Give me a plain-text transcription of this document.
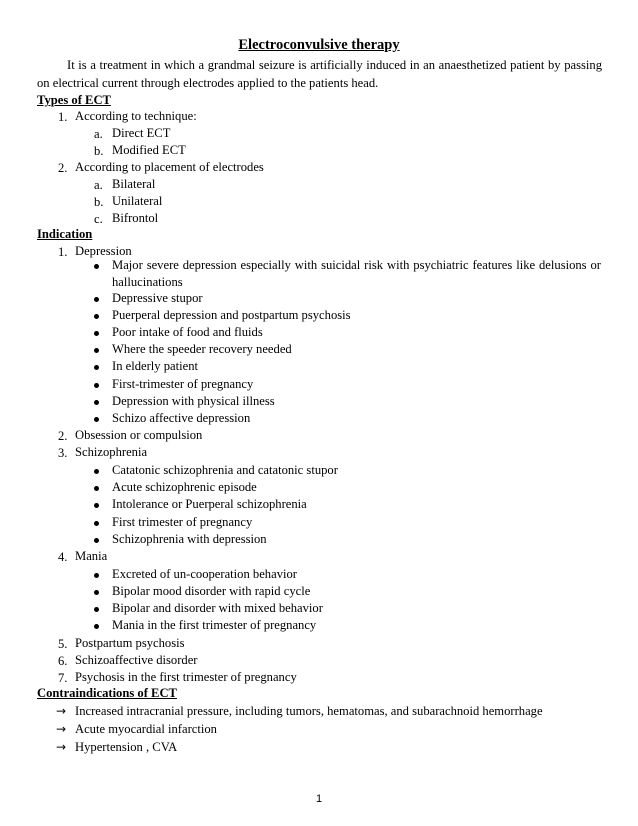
Electroconvulsive therapy
It is a treatment in which a grandmal seizure is artificially induced in an anaesthetized patient by passing on electrical current through electrodes applied to the patients head.
Types of ECT
1. According to technique:
a. Direct ECT
b. Modified ECT
2. According to placement of electrodes
a. Bilateral
b. Unilateral
c. Bifrontol
Indication
1. Depression
Major severe depression especially with suicidal risk with psychiatric features like delusions or hallucinations
Depressive stupor
Puerperal depression and postpartum psychosis
Poor intake of food and fluids
Where the speeder recovery needed
In elderly patient
First-trimester of pregnancy
Depression with physical illness
Schizo affective depression
2. Obsession or compulsion
3. Schizophrenia
Catatonic schizophrenia and catatonic stupor
Acute schizophrenic episode
Intolerance or Puerperal schizophrenia
First trimester of pregnancy
Schizophrenia with depression
4. Mania
Excreted of un-cooperation behavior
Bipolar mood disorder with rapid cycle
Bipolar and disorder with mixed behavior
Mania in the first trimester of pregnancy
5. Postpartum psychosis
6. Schizoaffective disorder
7. Psychosis in the first trimester of pregnancy
Contraindications of ECT
→ Increased intracranial pressure, including tumors, hematomas, and subarachnoid hemorrhage
→ Acute myocardial infarction
→ Hypertension , CVA
1
